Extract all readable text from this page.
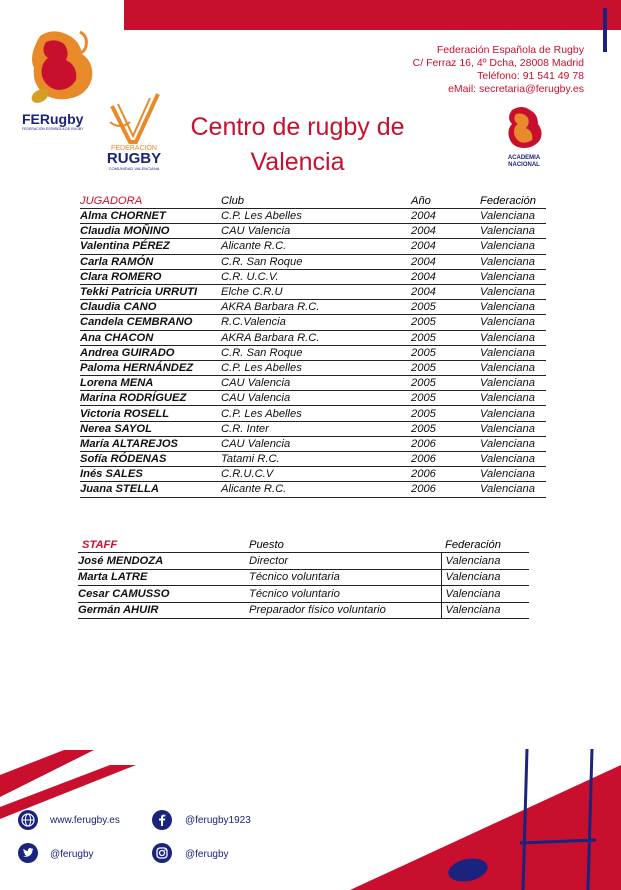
FERugby
FEDERACIÓN ESPAÑOLA DE RUGBY
FEDERACIÓN
RUGBY
COMUNIDAD VALENCIANA
ACADEMIA
NACIONAL
Federación Española de Rugby
C/ Ferraz 16, 4º Dcha, 28008 Madrid
Teléfono: 91 541 49 78
eMail: secretaria@ferugby.es
Centro de rugby de
Valencia
JUGADORA	Club	Año	Federación
Alma CHORNET	C.P. Les Abelles	2004	Valenciana
Claudia MOÑINO	CAU Valencia	2004	Valenciana
Valentina PÉREZ	Alicante R.C.	2004	Valenciana
Carla RAMÓN	C.R. San Roque	2004	Valenciana
Clara ROMERO	C.R. U.C.V.	2004	Valenciana
Tekki Patricia URRUTI	Elche C.R.U	2004	Valenciana
Claudia CANO	AKRA Barbara R.C.	2005	Valenciana
Candela CEMBRANO	R.C.Valencia	2005	Valenciana
Ana CHACON	AKRA Barbara R.C.	2005	Valenciana
Andrea GUIRADO	C.R. San Roque	2005	Valenciana
Paloma HERNÁNDEZ	C.P. Les Abelles	2005	Valenciana
Lorena MENA	CAU Valencia	2005	Valenciana
Marina RODRÍGUEZ	CAU Valencia	2005	Valenciana
Victoria ROSELL	C.P. Les Abelles	2005	Valenciana
Nerea SAYOL	C.R. Inter	2005	Valenciana
María ALTAREJOS	CAU Valencia	2006	Valenciana
Sofía RÓDENAS	Tatami R.C.	2006	Valenciana
Inés SALES	C.R.U.C.V	2006	Valenciana
Juana STELLA	Alicante R.C.	2006	Valenciana
STAFF	Puesto	Federación
José MENDOZA	Director	Valenciana
Marta LATRE	Técnico voluntaria	Valenciana
Cesar CAMUSSO	Técnico voluntario	Valenciana
Germán AHUIR	Preparador físico voluntario	Valenciana
www.ferugby.es	@ferugby1923
@ferugby	@ferugby
